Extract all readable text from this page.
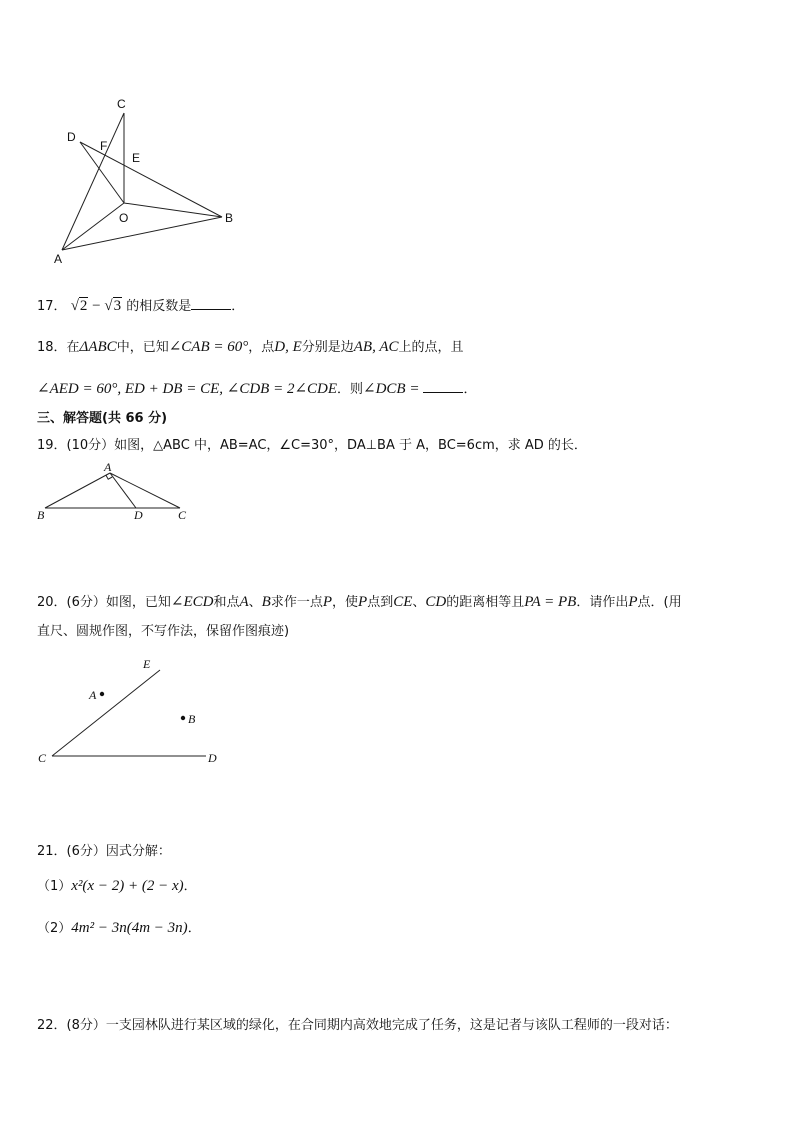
C
D
F
E
O	B
A
17． √2 − √3 的相反数是	．
18．在ΔABC中，已知∠CAB = 60°，点D, E分别是边AB, AC上的点，且
∠AED = 60°, ED + DB = CE, ∠CDB = 2∠CDE．则∠DCB =	．
三、解答题(共 66 分)
19．(10分）如图，△ABC 中，AB=AC，∠C=30°，DA⊥BA 于 A，BC=6cm，求 AD 的长．
A
B	D	C
20．(6分）如图，已知∠ECD和点A、B求作一点P，使P点到CE、CD的距离相等且PA = PB．请作出P点．(用
直尺、圆规作图，不写作法，保留作图痕迹)
E
A
B
C	D
21．(6分）因式分解：
（1）x²(x − 2) + (2 − x)．
（2）4m² − 3n(4m − 3n)．
22．(8分）一支园林队进行某区域的绿化，在合同期内高效地完成了任务，这是记者与该队工程师的一段对话：
